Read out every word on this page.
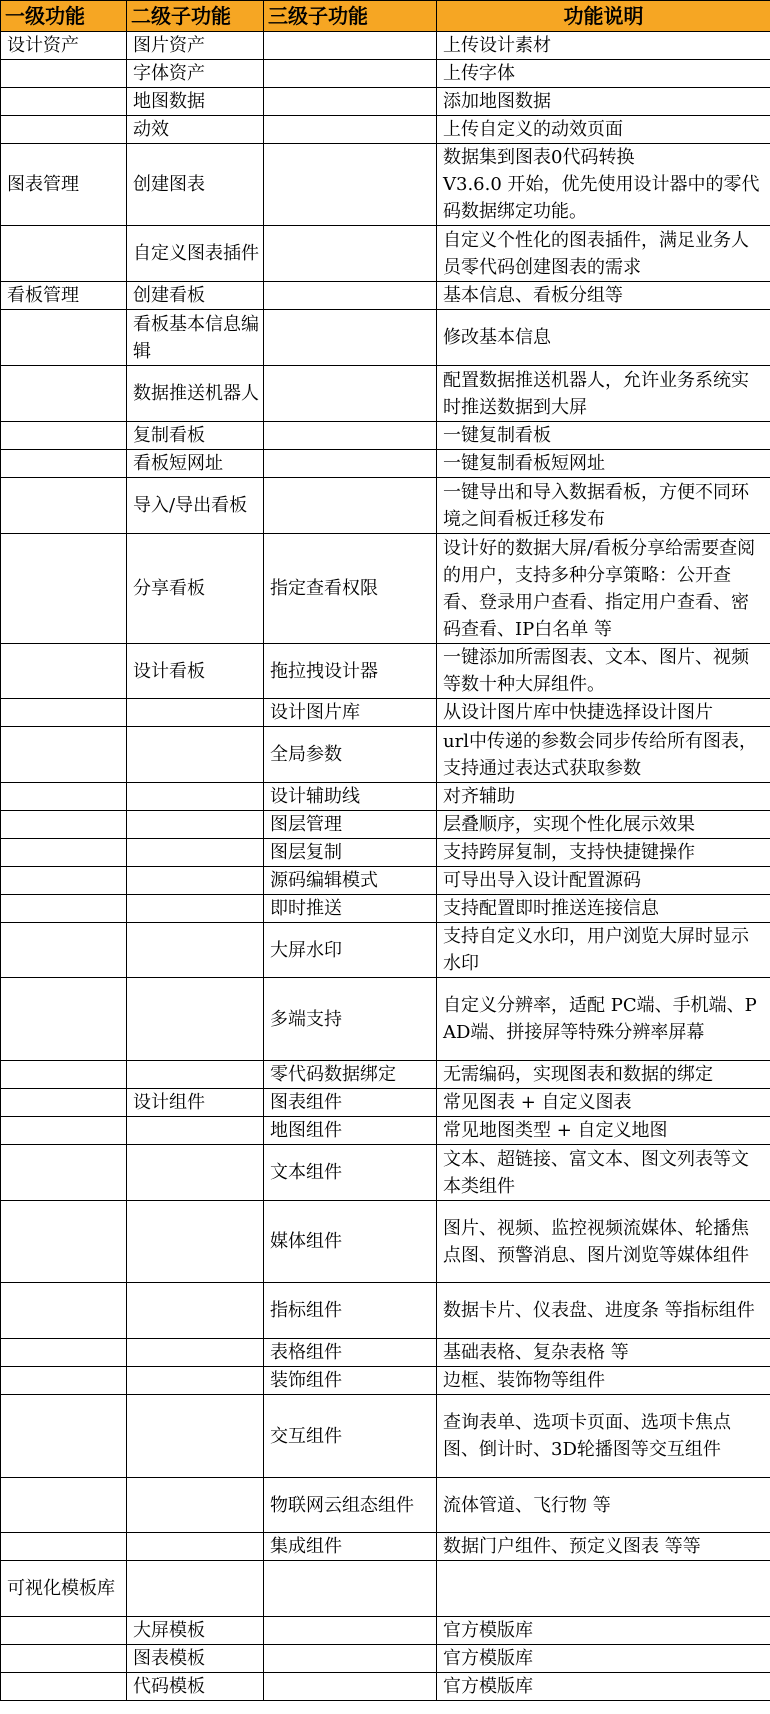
一级功能	二级子功能	三级子功能	功能说明
设计资产	图片资产		上传设计素材
	字体资产		上传字体
	地图数据		添加地图数据
	动效		上传自定义的动效页面
图表管理	创建图表		数据集到图表0代码转换
V3.6.0 开始，优先使用设计器中的零代码数据绑定功能。
	自定义图表插件		自定义个性化的图表插件，满足业务人员零代码创建图表的需求
看板管理	创建看板		基本信息、看板分组等
	看板基本信息编辑		修改基本信息
	数据推送机器人		配置数据推送机器人，允许业务系统实时推送数据到大屏
	复制看板		一键复制看板
	看板短网址		一键复制看板短网址
	导入/导出看板		一键导出和导入数据看板，方便不同环境之间看板迁移发布
	分享看板	指定查看权限	设计好的数据大屏/看板分享给需要查阅的用户，支持多种分享策略：公开查看、登录用户查看、指定用户查看、密码查看、IP白名单 等
	设计看板	拖拉拽设计器	一键添加所需图表、文本、图片、视频等数十种大屏组件。
		设计图片库	从设计图片库中快捷选择设计图片
		全局参数	url中传递的参数会同步传给所有图表，支持通过表达式获取参数
		设计辅助线	对齐辅助
		图层管理	层叠顺序，实现个性化展示效果
		图层复制	支持跨屏复制，支持快捷键操作
		源码编辑模式	可导出导入设计配置源码
		即时推送	支持配置即时推送连接信息
		大屏水印	支持自定义水印，用户浏览大屏时显示水印
		多端支持	自定义分辨率，适配 PC端、手机端、PAD端、拼接屏等特殊分辨率屏幕
		零代码数据绑定	无需编码，实现图表和数据的绑定
	设计组件	图表组件	常见图表 + 自定义图表
		地图组件	常见地图类型 + 自定义地图
		文本组件	文本、超链接、富文本、图文列表等文本类组件
		媒体组件	图片、视频、监控视频流媒体、轮播焦点图、预警消息、图片浏览等媒体组件
		指标组件	数据卡片、仪表盘、进度条 等指标组件
		表格组件	基础表格、复杂表格 等
		装饰组件	边框、装饰物等组件
		交互组件	查询表单、选项卡页面、选项卡焦点图、倒计时、3D轮播图等交互组件
		物联网云组态组件	流体管道、飞行物 等
		集成组件	数据门户组件、预定义图表 等等
可视化模板库			
	大屏模板		官方模版库
	图表模板		官方模版库
	代码模板		官方模版库
